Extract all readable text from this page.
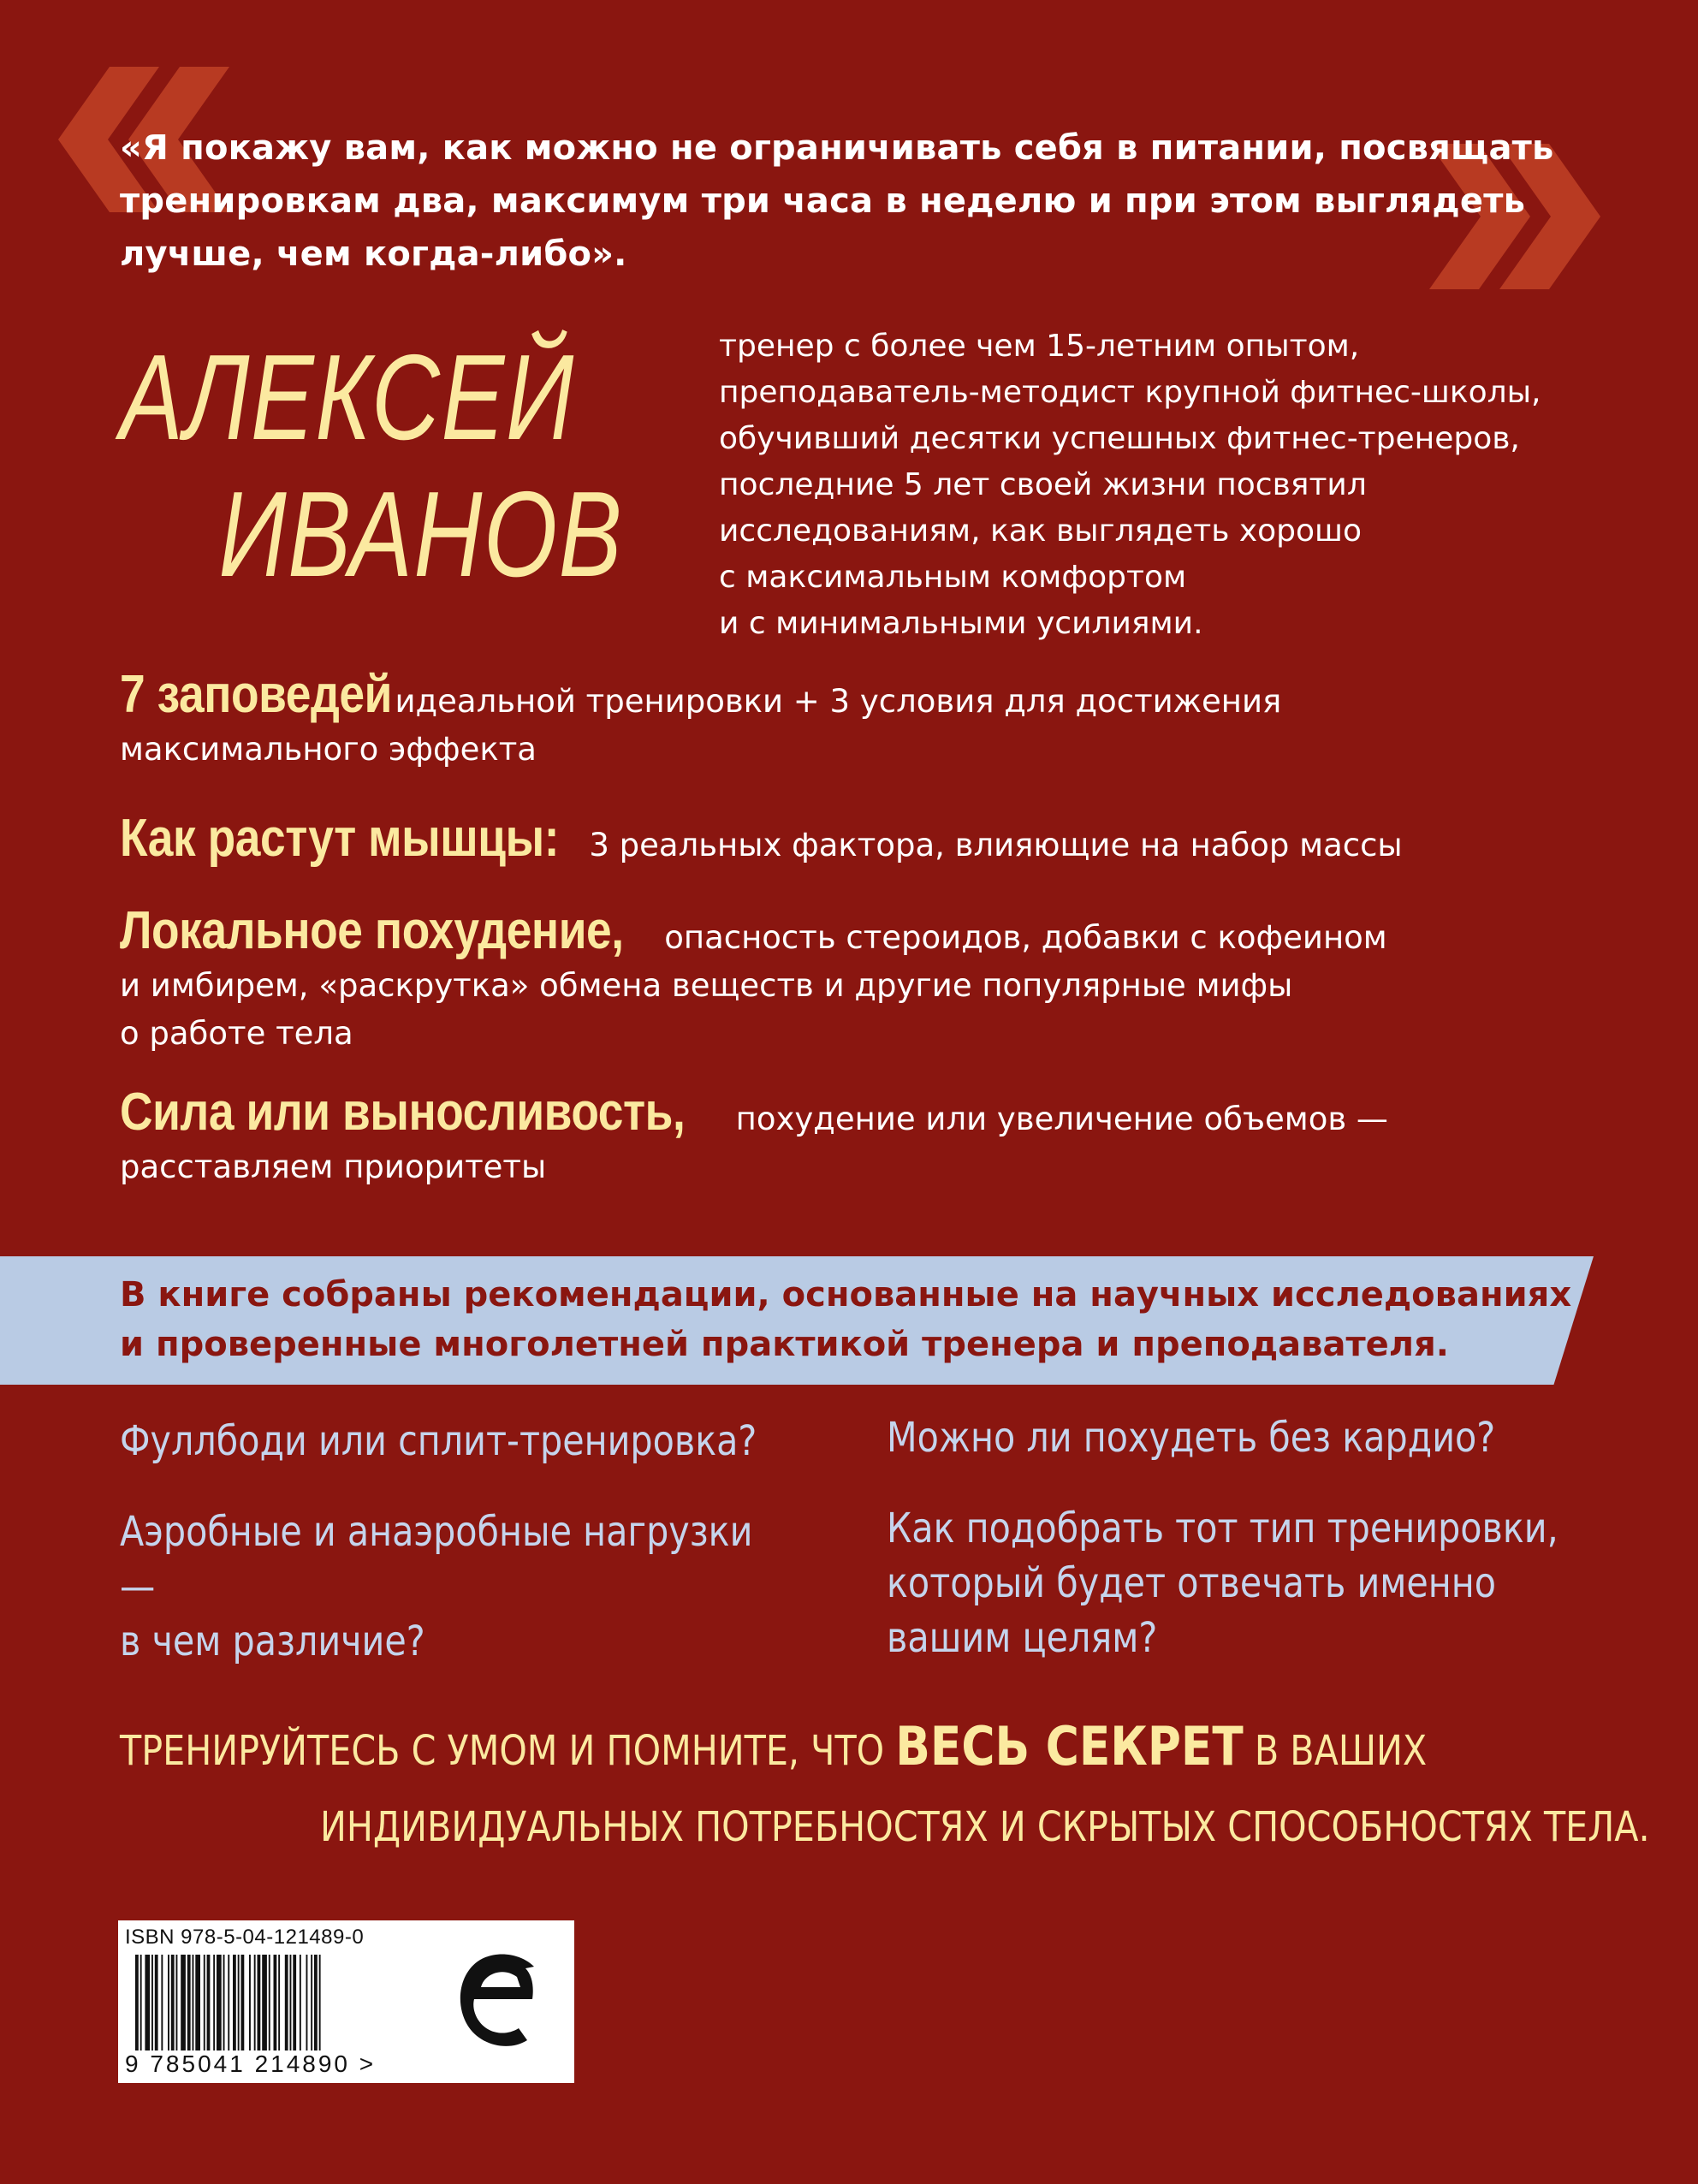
«Я покажу вам, как можно не ограничивать себя в питании, посвящать
тренировкам два, максимум три часа в неделю и при этом выглядеть
лучше, чем когда-либо».
АЛЕКСЕЙ
ИВАНОВ
тренер с более чем 15-летним опытом,
преподаватель-методист крупной фитнес-школы,
обучивший десятки успешных фитнес-тренеров,
последние 5 лет своей жизни посвятил
исследованиям, как выглядеть хорошо
с максимальным комфортом
и с минимальными усилиями.
7 заповедей идеальной тренировки + 3 условия для достижения
максимального эффекта
Как растут мышцы: 3 реальных фактора, влияющие на набор массы
Локальное похудение, опасность стероидов, добавки с кофеином
и имбирем, «раскрутка» обмена веществ и другие популярные мифы
о работе тела
Сила или выносливость, похудение или увеличение объемов —
расставляем приоритеты
В книге собраны рекомендации, основанные на научных исследованиях
и проверенные многолетней практикой тренера и преподавателя.
Фуллбоди или сплит-тренировка?
Аэробные и анаэробные нагрузки —
в чем различие?
Можно ли похудеть без кардио?
Как подобрать тот тип тренировки,
который будет отвечать именно
вашим целям?
ТРЕНИРУЙТЕСЬ С УМОМ И ПОМНИТЕ, ЧТО ВЕСЬ СЕКРЕТ В ВАШИХ
ИНДИВИДУАЛЬНЫХ ПОТРЕБНОСТЯХ И СКРЫТЫХ СПОСОБНОСТЯХ ТЕЛА.
ISBN 978-5-04-121489-0
9 785041 214890 >
